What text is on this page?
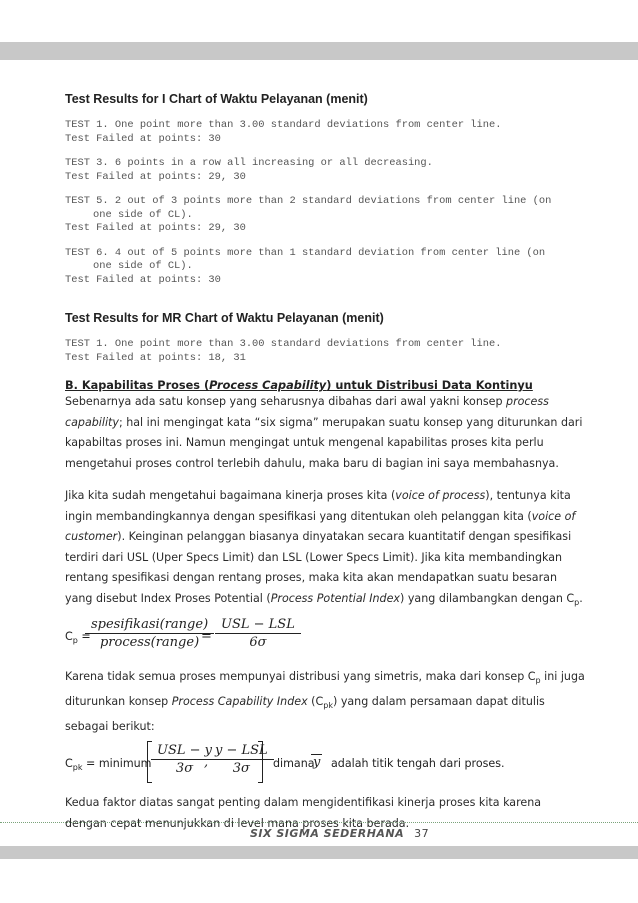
Test Results for I Chart of Waktu Pelayanan (menit)
TEST 1. One point more than 3.00 standard deviations from center line.
Test Failed at points: 30
TEST 3. 6 points in a row all increasing or all decreasing.
Test Failed at points: 29, 30
TEST 5. 2 out of 3 points more than 2 standard deviations from center line (on
one side of CL).
Test Failed at points: 29, 30
TEST 6. 4 out of 5 points more than 1 standard deviation from center line (on
one side of CL).
Test Failed at points: 30
Test Results for MR Chart of Waktu Pelayanan (menit)
TEST 1. One point more than 3.00 standard deviations from center line.
Test Failed at points: 18, 31
B. Kapabilitas Proses (Process Capability) untuk Distribusi Data Kontinyu
Sebenarnya ada satu konsep yang seharusnya dibahas dari awal yakni konsep process capability; hal ini mengingat kata “six sigma” merupakan suatu konsep yang diturunkan dari kapabiltas proses ini. Namun mengingat untuk mengenal kapabilitas proses kita perlu mengetahui proses control terlebih dahulu, maka baru di bagian ini saya membahasnya.
Jika kita sudah mengetahui bagaimana kinerja proses kita (voice of process), tentunya kita ingin membandingkannya dengan spesifikasi yang ditentukan oleh pelanggan kita (voice of customer). Keinginan pelanggan biasanya dinyatakan secara kuantitatif dengan spesifikasi terdiri dari USL (Uper Specs Limit) dan LSL (Lower Specs Limit). Jika kita membandingkan rentang spesifikasi dengan rentang proses, maka kita akan mendapatkan suatu besaran yang disebut Index Proses Potential (Process Potential Index) yang dilambangkan dengan $C_p$.
$C_p$ =
spesifikasi(range)
process(range) =
USL − LSL
6σ
Karena tidak semua proses mempunyai distribusi yang simetris, maka dari konsep $C_p$ ini juga diturunkan konsep Process Capability Index $(C_{pk})$ yang dalam persamaan dapat ditulis sebagai berikut:
$C_{pk}$ = minimum
USL − y
3σ ,
y − LSL
3σ	dimana
y adalah titik tengah dari proses.
Kedua faktor diatas sangat penting dalam mengidentifikasi kinerja proses kita karena dengan cepat menunjukkan di level mana proses kita berada.
SIX SIGMA SEDERHANA 37
